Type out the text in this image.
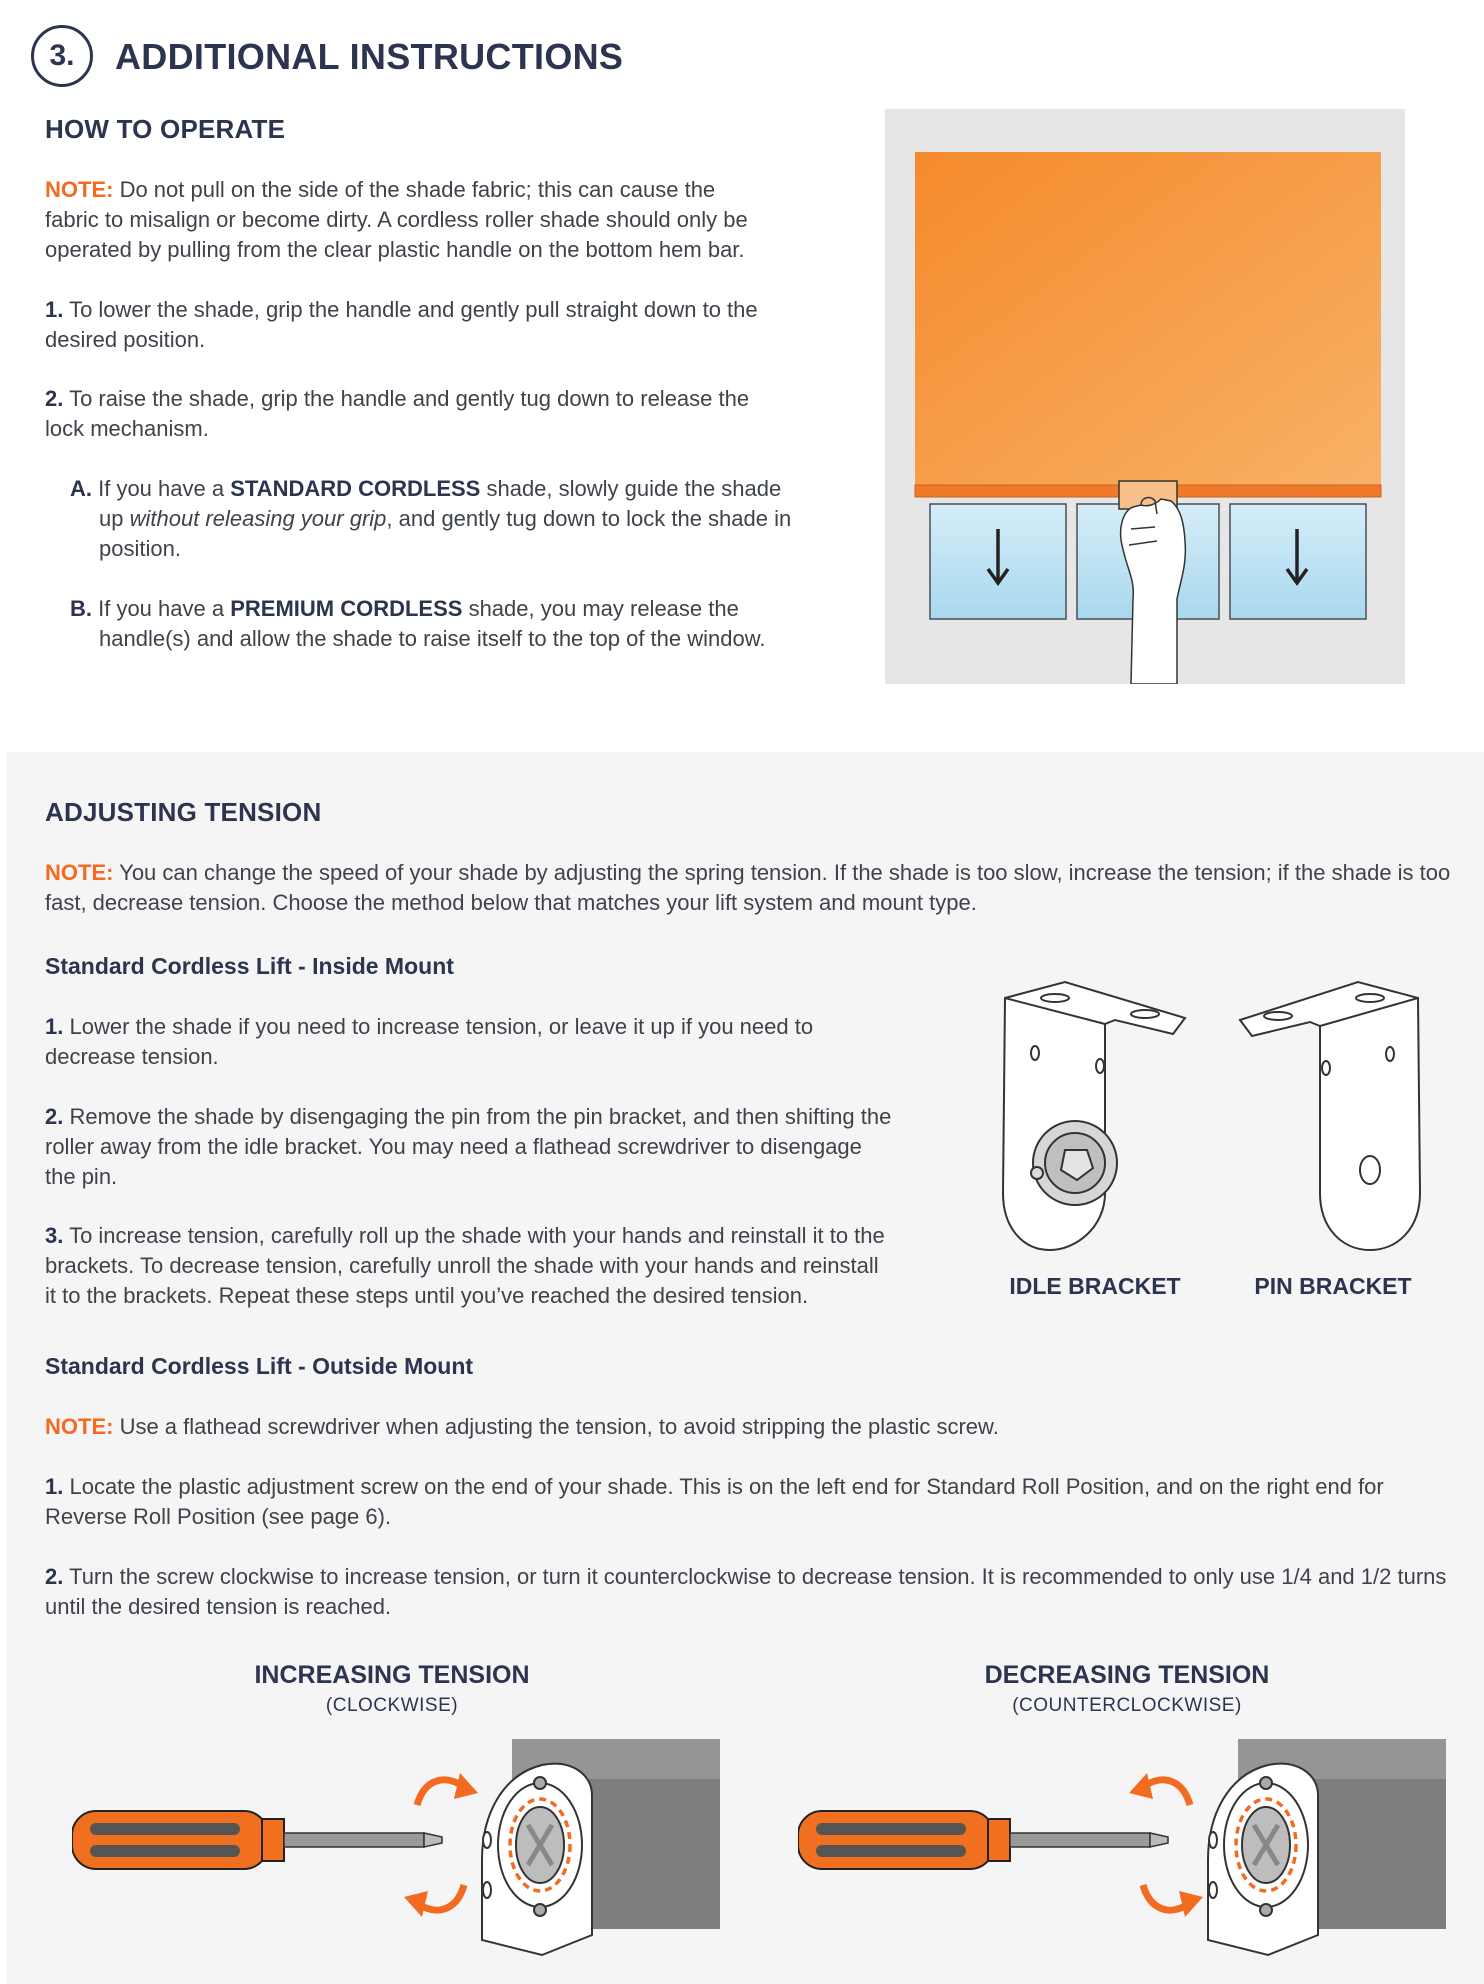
3. ADDITIONAL INSTRUCTIONS
HOW TO OPERATE
NOTE: Do not pull on the side of the shade fabric; this can cause the fabric to misalign or become dirty. A cordless roller shade should only be operated by pulling from the clear plastic handle on the bottom hem bar.
1. To lower the shade, grip the handle and gently pull straight down to the desired position.
2. To raise the shade, grip the handle and gently tug down to release the lock mechanism.
A. If you have a STANDARD CORDLESS shade, slowly guide the shade up without releasing your grip, and gently tug down to lock the shade in position.
B. If you have a PREMIUM CORDLESS shade, you may release the handle(s) and allow the shade to raise itself to the top of the window.
ADJUSTING TENSION
NOTE: You can change the speed of your shade by adjusting the spring tension. If the shade is too slow, increase the tension; if the shade is too fast, decrease tension. Choose the method below that matches your lift system and mount type.
Standard Cordless Lift - Inside Mount
1. Lower the shade if you need to increase tension, or leave it up if you need to decrease tension.
2. Remove the shade by disengaging the pin from the pin bracket, and then shifting the roller away from the idle bracket. You may need a flathead screwdriver to disengage the pin.
3. To increase tension, carefully roll up the shade with your hands and reinstall it to the brackets. To decrease tension, carefully unroll the shade with your hands and reinstall it to the brackets. Repeat these steps until you’ve reached the desired tension.	IDLE BRACKET	PIN BRACKET
Standard Cordless Lift - Outside Mount
NOTE: Use a flathead screwdriver when adjusting the tension, to avoid stripping the plastic screw.
1. Locate the plastic adjustment screw on the end of your shade. This is on the left end for Standard Roll Position, and on the right end for Reverse Roll Position (see page 6).
2. Turn the screw clockwise to increase tension, or turn it counterclockwise to decrease tension. It is recommended to only use 1/4 and 1/2 turns until the desired tension is reached.
INCREASING TENSION
(CLOCKWISE)
DECREASING TENSION
(COUNTERCLOCKWISE)
